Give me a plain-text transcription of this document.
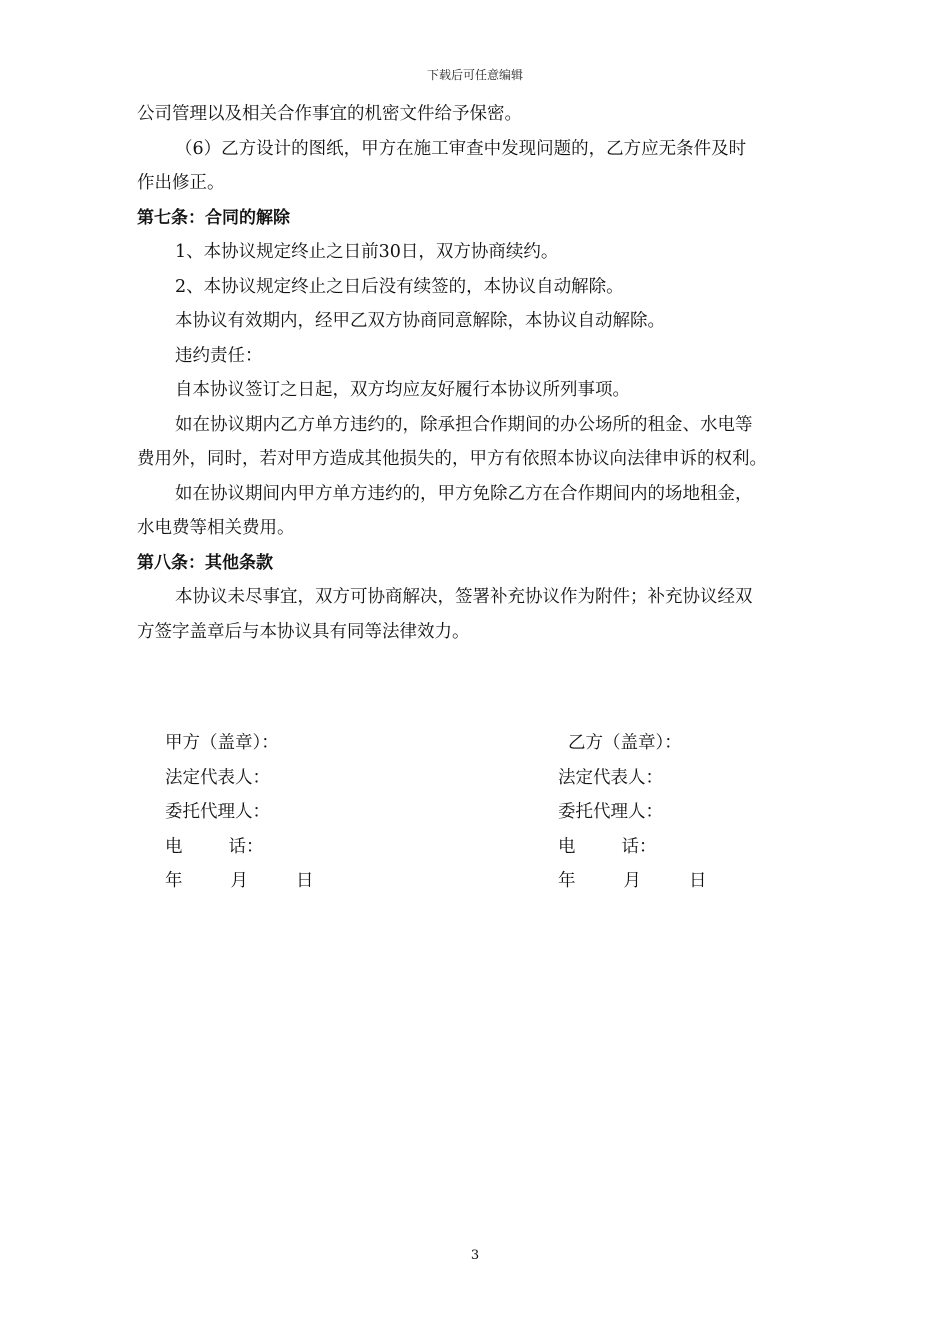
下载后可任意编辑
公司管理以及相关合作事宜的机密文件给予保密。
（6）乙方设计的图纸，甲方在施工审查中发现问题的，乙方应无条件及时
作出修正。
第七条：合同的解除
1、本协议规定终止之日前30日，双方协商续约。
2、本协议规定终止之日后没有续签的，本协议自动解除。
本协议有效期内，经甲乙双方协商同意解除，本协议自动解除。
违约责任：
自本协议签订之日起，双方均应友好履行本协议所列事项。
如在协议期内乙方单方违约的，除承担合作期间的办公场所的租金、水电等
费用外，同时，若对甲方造成其他损失的，甲方有依照本协议向法律申诉的权利。
如在协议期间内甲方单方违约的，甲方免除乙方在合作期间内的场地租金，
水电费等相关费用。
第八条：其他条款
本协议未尽事宜，双方可协商解决，签署补充协议作为附件；补充协议经双
方签字盖章后与本协议具有同等法律效力。
甲方（盖章）：
法定代表人：
委托代理人：
电	话：
年	月	日
乙方（盖章）：
法定代表人：
委托代理人：
电	话：
年	月	日
3
